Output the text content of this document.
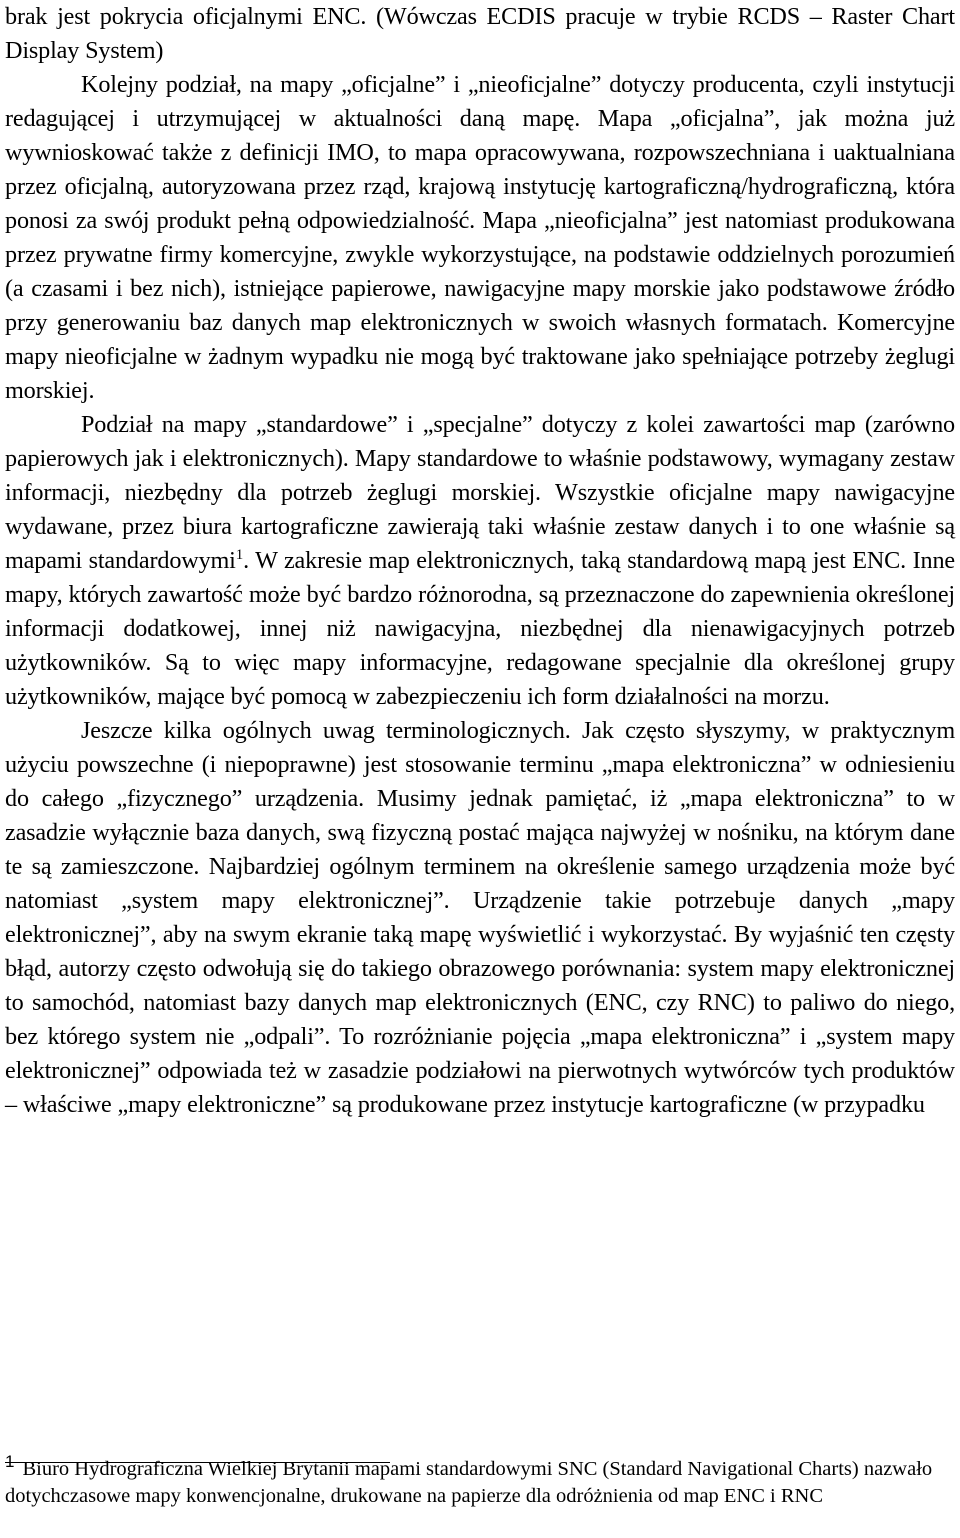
brak jest pokrycia oficjalnymi ENC. (Wówczas ECDIS pracuje w trybie RCDS – Raster Chart Display System)

Kolejny podział, na mapy „oficjalne” i „nieoficjalne” dotyczy producenta, czyli instytucji redagującej i utrzymującej w aktualności daną mapę. Mapa „oficjalna”, jak można już wywnioskować także z definicji IMO, to mapa opracowywana, rozpowszechniana i uaktualniana przez oficjalną, autoryzowana przez rząd, krajową instytucję kartograficzną/hydrograficzną, która ponosi za swój produkt pełną odpowiedzialność. Mapa „nieoficjalna” jest natomiast produkowana przez prywatne firmy komercyjne, zwykle wykorzystujące, na podstawie oddzielnych porozumień (a czasami i bez nich), istniejące papierowe, nawigacyjne mapy morskie jako podstawowe źródło przy generowaniu baz danych map elektronicznych w swoich własnych formatach. Komercyjne mapy nieoficjalne w żadnym wypadku nie mogą być traktowane jako spełniające potrzeby żeglugi morskiej.

Podział na mapy „standardowe” i „specjalne” dotyczy z kolei zawartości map (zarówno papierowych jak i elektronicznych). Mapy standardowe to właśnie podstawowy, wymagany zestaw informacji, niezbędny dla potrzeb żeglugi morskiej. Wszystkie oficjalne mapy nawigacyjne wydawane, przez biura kartograficzne zawierają taki właśnie zestaw danych i to one właśnie są mapami standardowymi$^1$. W zakresie map elektronicznych, taką standardową mapą jest ENC. Inne mapy, których zawartość może być bardzo różnorodna, są przeznaczone do zapewnienia określonej informacji dodatkowej, innej niż nawigacyjna, niezbędnej dla nienawigacyjnych potrzeb użytkowników. Są to więc mapy informacyjne, redagowane specjalnie dla określonej grupy użytkowników, mające być pomocą w zabezpieczeniu ich form działalności na morzu.

Jeszcze kilka ogólnych uwag terminologicznych. Jak często słyszymy, w praktycznym użyciu powszechne (i niepoprawne) jest stosowanie terminu „mapa elektroniczna” w odniesieniu do całego „fizycznego” urządzenia. Musimy jednak pamiętać, iż „mapa elektroniczna” to w zasadzie wyłącznie baza danych, swą fizyczną postać mająca najwyżej w nośniku, na którym dane te są zamieszczone. Najbardziej ogólnym terminem na określenie samego urządzenia może być natomiast „system mapy elektronicznej”. Urządzenie takie potrzebuje danych „mapy elektronicznej”, aby na swym ekranie taką mapę wyświetlić i wykorzystać. By wyjaśnić ten częsty błąd, autorzy często odwołują się do takiego obrazowego porównania: system mapy elektronicznej to samochód, natomiast bazy danych map elektronicznych (ENC, czy RNC) to paliwo do niego, bez którego system nie „odpali”. To rozróżnianie pojęcia „mapa elektroniczna” i „system mapy elektronicznej” odpowiada też w zasadzie podziałowi na pierwotnych wytwórców tych produktów – właściwe „mapy elektroniczne” są produkowane przez instytucje kartograficzne (w przypadku

$^1$ Biuro Hydrograficzna Wielkiej Brytanii mapami standardowymi SNC (Standard Navigational Charts) nazwało dotychczasowe mapy konwencjonalne, drukowane na papierze dla odróżnienia od map ENC i RNC
